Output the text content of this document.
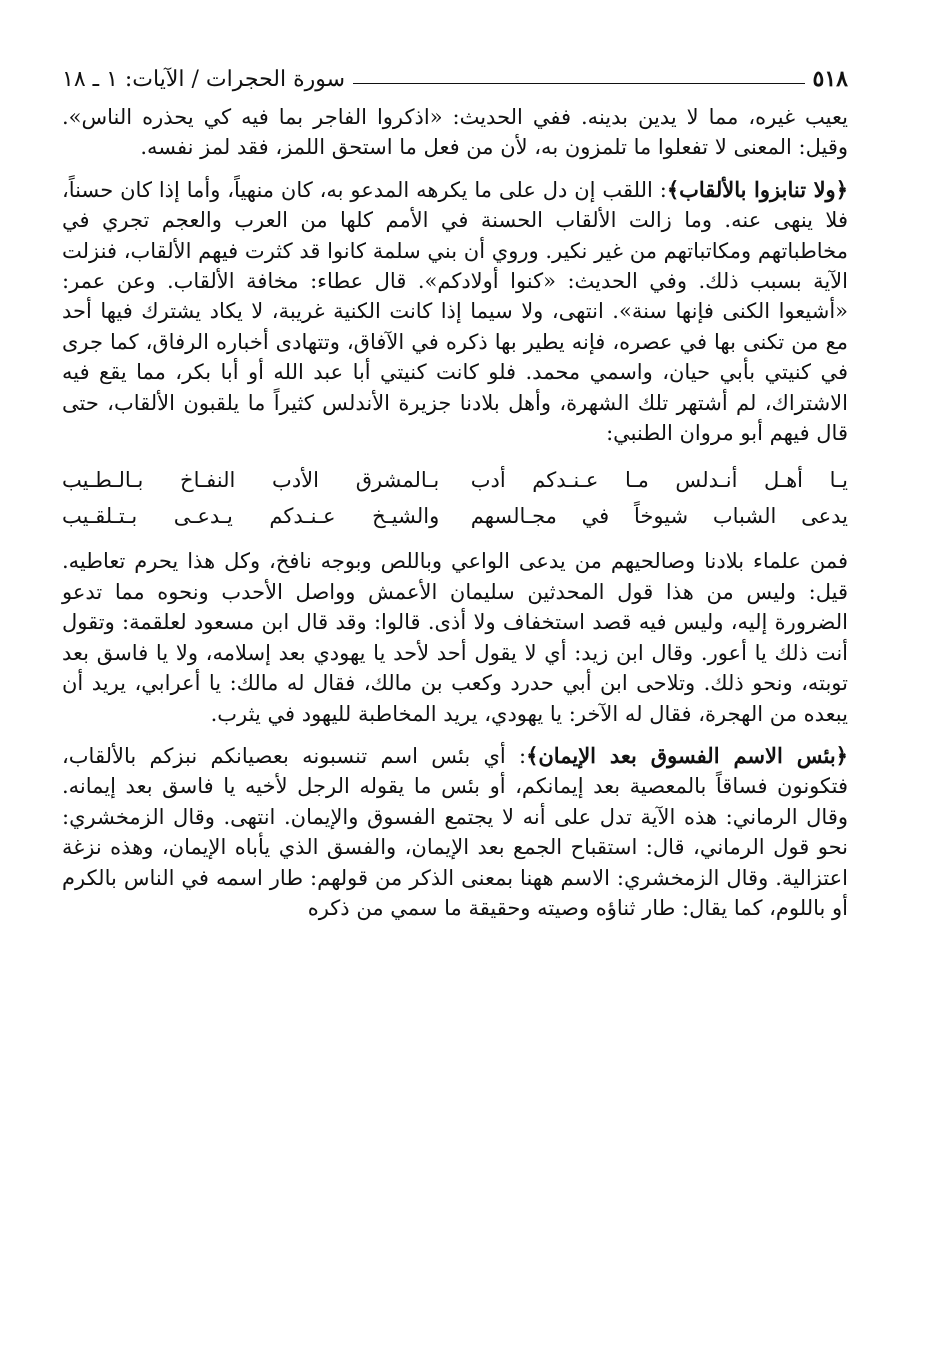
٥١٨
سورة الحجرات / الآيات: ١ ـ ١٨

يعيب غيره، مما لا يدين بدينه. ففي الحديث: «اذكروا الفاجر بما فيه كي يحذره الناس». وقيل: المعنى لا تفعلوا ما تلمزون به، لأن من فعل ما استحق اللمز، فقد لمز نفسه.

﴿ولا تنابزوا بالألقاب﴾: اللقب إن دل على ما يكرهه المدعو به، كان منهياً، وأما إذا كان حسناً، فلا ينهى عنه. وما زالت الألقاب الحسنة في الأمم كلها من العرب والعجم تجري في مخاطباتهم ومكاتباتهم من غير نكير. وروي أن بني سلمة كانوا قد كثرت فيهم الألقاب، فنزلت الآية بسبب ذلك. وفي الحديث: «كنوا أولادكم». قال عطاء: مخافة الألقاب. وعن عمر: «أشيعوا الكنى فإنها سنة». انتهى، ولا سيما إذا كانت الكنية غريبة، لا يكاد يشترك فيها أحد مع من تكنى بها في عصره، فإنه يطير بها ذكره في الآفاق، وتتهادى أخباره الرفاق، كما جرى في كنيتي بأبي حيان، واسمي محمد. فلو كانت كنيتي أبا عبد الله أو أبا بكر، مما يقع فيه الاشتراك، لم أشتهر تلك الشهرة، وأهل بلادنا جزيرة الأندلس كثيراً ما يلقبون الألقاب، حتى قال فيهم أبو مروان الطنبي:

يـا أهـل أنـدلس مـا عـنـدكم أدب
بـالمشرق الأدب النفـاخ بـالـطـيب
يدعى الشباب شيوخاً في مجـالسهم
والشيـخ عـنـدكم يـدعـى بـتـلقـيب

فمن علماء بلادنا وصالحيهم من يدعى الواعي وباللص وبوجه نافخ، وكل هذا يحرم تعاطيه. قيل: وليس من هذا قول المحدثين سليمان الأعمش وواصل الأحدب ونحوه مما تدعو الضرورة إليه، وليس فيه قصد استخفاف ولا أذى. قالوا: وقد قال ابن مسعود لعلقمة: وتقول أنت ذلك يا أعور. وقال ابن زيد: أي لا يقول أحد لأحد يا يهودي بعد إسلامه، ولا يا فاسق بعد توبته، ونحو ذلك. وتلاحى ابن أبي حدرد وكعب بن مالك، فقال له مالك: يا أعرابي، يريد أن يبعده من الهجرة، فقال له الآخر: يا يهودي، يريد المخاطبة لليهود في يثرب.

﴿بئس الاسم الفسوق بعد الإيمان﴾: أي بئس اسم تنسبونه بعصيانكم نبزكم بالألقاب، فتكونون فساقاً بالمعصية بعد إيمانكم، أو بئس ما يقوله الرجل لأخيه يا فاسق بعد إيمانه. وقال الرماني: هذه الآية تدل على أنه لا يجتمع الفسوق والإيمان. انتهى. وقال الزمخشري: نحو قول الرماني، قال: استقباح الجمع بعد الإيمان، والفسق الذي يأباه الإيمان، وهذه نزغة اعتزالية. وقال الزمخشري: الاسم ههنا بمعنى الذكر من قولهم: طار اسمه في الناس بالكرم أو باللوم، كما يقال: طار ثناؤه وصيته وحقيقة ما سمي من ذكره
